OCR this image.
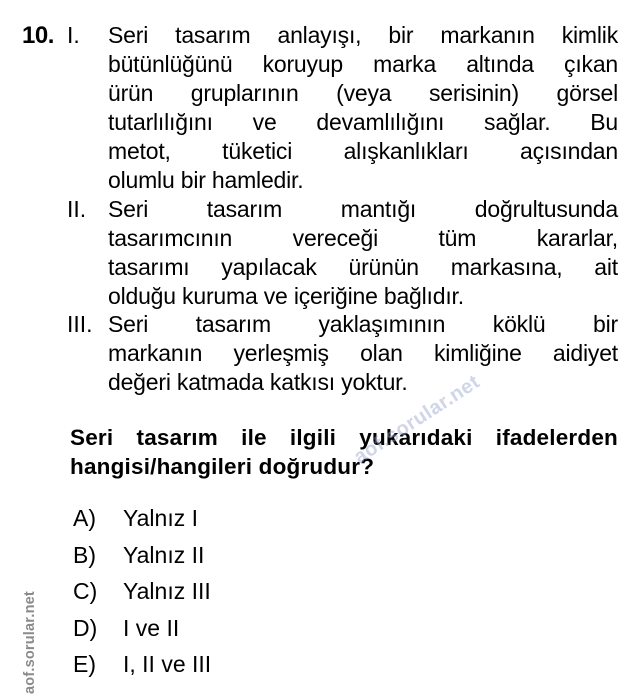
10. I. Seri tasarım anlayışı, bir markanın kimlik
bütünlüğünü koruyup marka altında çıkan
ürün gruplarının (veya serisinin) görsel
tutarlılığını ve devamlılığını sağlar. Bu
metot, tüketici alışkanlıkları açısından
olumlu bir hamledir.
II. Seri tasarım mantığı doğrultusunda
tasarımcının vereceği tüm kararlar,
tasarımı yapılacak ürünün markasına, ait
olduğu kuruma ve içeriğine bağlıdır.
III. Seri tasarım yaklaşımının köklü bir
markanın yerleşmiş olan kimliğine aidiyet
değeri katmada katkısı yoktur.
Seri tasarım ile ilgili yukarıdaki ifadelerden
hangisi/hangileri doğrudur?
A)	Yalnız I
B)	Yalnız II
C)	Yalnız III
D)	I ve II
E)	I, II ve III
aof.sorular.net
aof.sorular.net
